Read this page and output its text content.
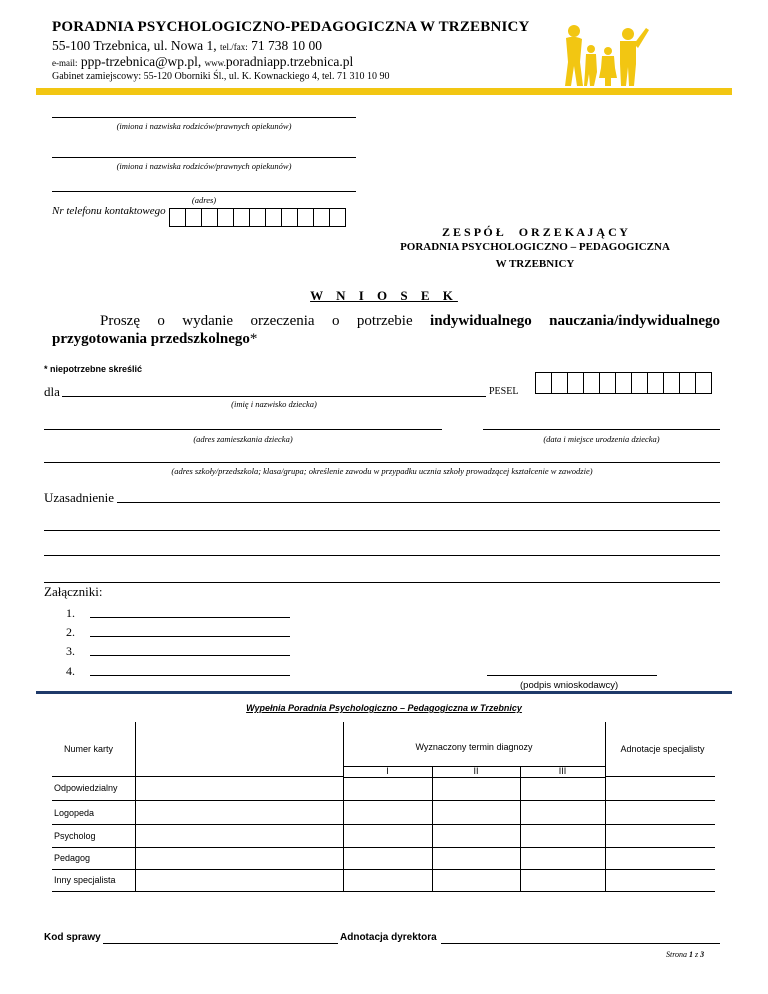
PORADNIA PSYCHOLOGICZNO-PEDAGOGICZNA W TRZEBNICY
55-100 Trzebnica, ul. Nowa 1, tel./fax: 71 738 10 00
e-mail: ppp-trzebnica@wp.pl, www.poradniapp.trzebnica.pl
Gabinet zamiejscowy: 55-120 Oborniki Śl., ul. K. Kownackiego 4, tel. 71 310 10 90
(imiona i nazwiska rodziców/prawnych opiekunów)
(imiona i nazwiska rodziców/prawnych opiekunów)
(adres)
Nr telefonu kontaktowego
Z E S P Ó Ł     O R Z E K A J Ą C Y
PORADNIA PSYCHOLOGICZNO – PEDAGOGICZNA
W TRZEBNICY
W N I O S E K
Proszę o wydanie orzeczenia o potrzebie indywidualnego nauczania/indywidualnego
przygotowania przedszkolnego*
* niepotrzebne skreślić
dla	PESEL
(imię i nazwisko dziecka)
(adres zamieszkania dziecka)	(data i miejsce urodzenia dziecka)
(adres szkoły/przedszkola; klasa/grupa; określenie zawodu w przypadku ucznia szkoły prowadzącej kształcenie w zawodzie)
Uzasadnienie
Załączniki:
1.
2.
3.
4.
(podpis wnioskodawcy)
Wypełnia Poradnia Psychologiczno – Pedagogiczna w Trzebnicy
Numer karty	Wyznaczony termin diagnozy	Adnotacje specjalisty
I	II	III
Odpowiedzialny
Logopeda
Psycholog
Pedagog
Inny specjalista
Kod sprawy	Adnotacja dyrektora
Strona 1 z 3
